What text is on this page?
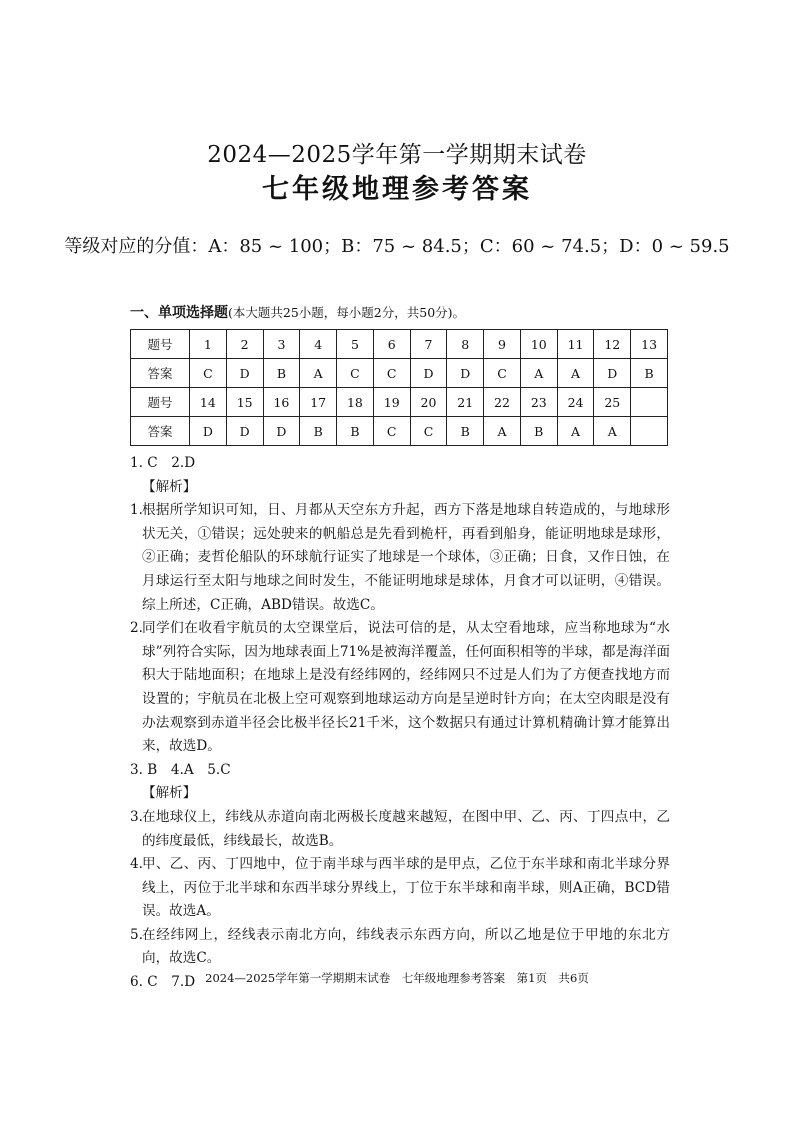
2024—2025学年第一学期期末试卷
七年级地理参考答案
等级对应的分值：A：85 ~ 100；B：75 ~ 84.5；C：60 ~ 74.5；D：0 ~ 59.5
一、单项选择题(本大题共25小题，每小题2分，共50分)。
题号	1	2	3	4	5	6	7	8	9	10	11	12	13
答案	C	D	B	A	C	C	D	D	C	A	A	D	B
题号	14	15	16	17	18	19	20	21	22	23	24	25	
答案	D	D	D	B	B	C	C	B	A	B	A	A	
1. C　2.D
【解析】
1. 根据所学知识可知，日、月都从天空东方升起，西方下落是地球自转造成的，与地球形状无关，①错误；远处驶来的帆船总是先看到桅杆，再看到船身，能证明地球是球形，②正确；麦哲伦船队的环球航行证实了地球是一个球体，③正确；日食，又作日蚀，在月球运行至太阳与地球之间时发生，不能证明地球是球体，月食才可以证明，④错误。综上所述，C正确，ABD错误。故选C。
2. 同学们在收看宇航员的太空课堂后，说法可信的是，从太空看地球，应当称地球为“水球”列符合实际，因为地球表面上71%是被海洋覆盖，任何面积相等的半球，都是海洋面积大于陆地面积；在地球上是没有经纬网的，经纬网只不过是人们为了方便查找地方而设置的；宇航员在北极上空可观察到地球运动方向是呈逆时针方向；在太空肉眼是没有办法观察到赤道半径会比极半径长21千米，这个数据只有通过计算机精确计算才能算出来，故选D。
3. B　4.A　5.C
【解析】
3. 在地球仪上，纬线从赤道向南北两极长度越来越短，在图中甲、乙、丙、丁四点中，乙的纬度最低，纬线最长，故选B。
4. 甲、乙、丙、丁四地中，位于南半球与西半球的是甲点，乙位于东半球和南北半球分界线上，丙位于北半球和东西半球分界线上，丁位于东半球和南半球，则A正确，BCD错误。故选A。
5. 在经纬网上，经线表示南北方向，纬线表示东西方向，所以乙地是位于甲地的东北方向，故选C。
6. C　7.D 2024—2025学年第一学期期末试卷　七年级地理参考答案　第1页　共6页
